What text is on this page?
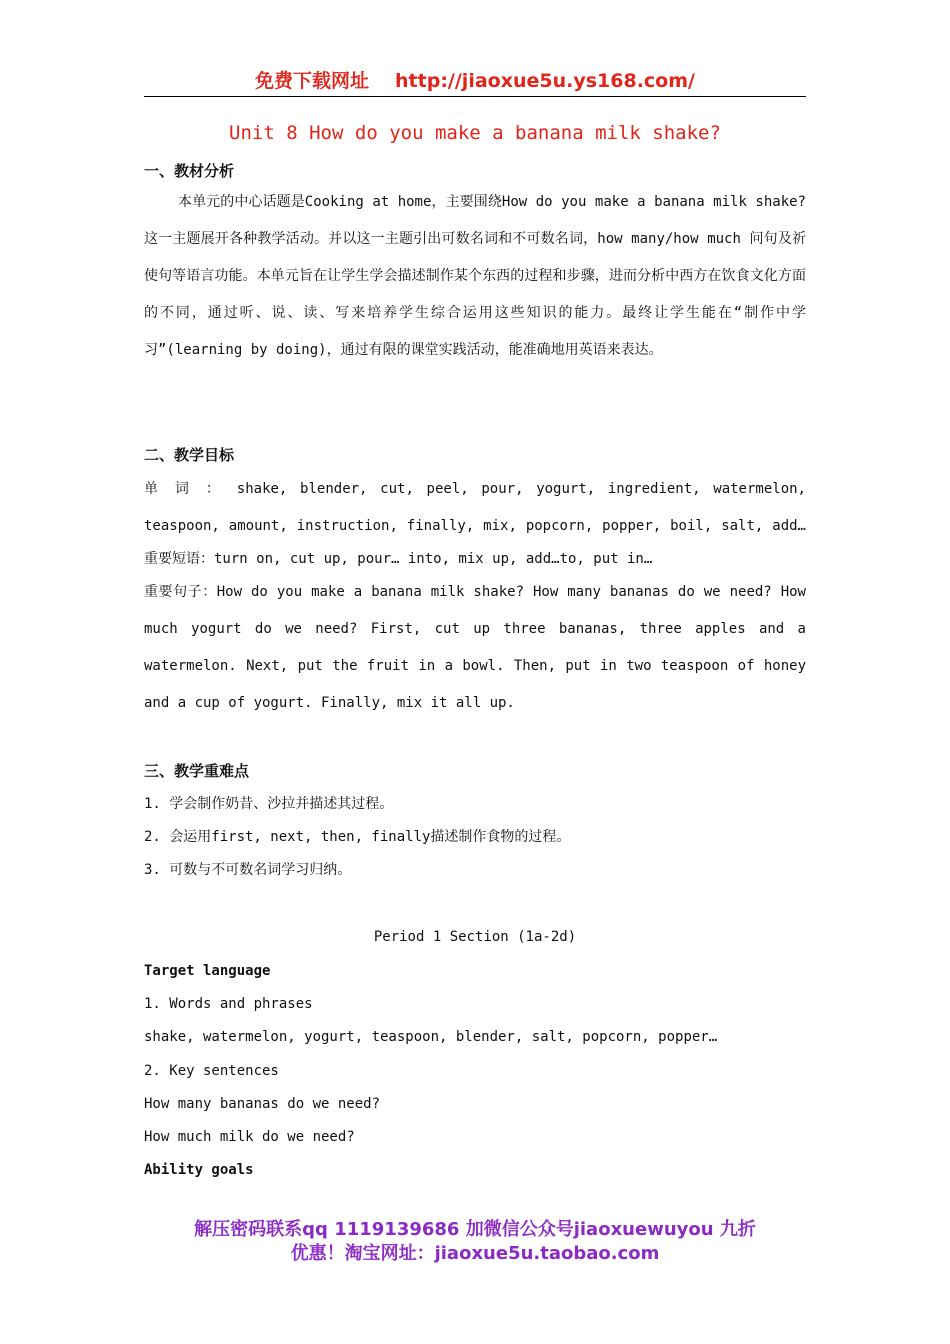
免费下载网址 http://jiaoxue5u.ys168.com/
Unit 8 How do you make a banana milk shake?
一、教材分析
本单元的中心话题是Cooking at home，主要围绕How do you make a banana milk shake?这一主题展开各种教学活动。并以这一主题引出可数名词和不可数名词，how many/how much 问句及祈使句等语言功能。本单元旨在让学生学会描述制作某个东西的过程和步骤，进而分析中西方在饮食文化方面的不同，通过听、说、读、写来培养学生综合运用这些知识的能力。最终让学生能在“制作中学习”(learning by doing)，通过有限的课堂实践活动，能准确地用英语来表达。
二、教学目标
单 词 ： shake, blender, cut, peel, pour, yogurt, ingredient, watermelon,
teaspoon, amount, instruction, finally, mix, popcorn, popper, boil, salt, add…
重要短语：turn on, cut up, pour… into, mix up, add…to, put in…
重要句子：How do you make a banana milk shake? How many bananas do we need? How much yogurt do we need? First, cut up three bananas, three apples and a watermelon. Next, put the fruit in a bowl. Then, put in two teaspoon of honey and a cup of yogurt. Finally, mix it all up.
三、教学重难点
1. 学会制作奶昔、沙拉并描述其过程。
2. 会运用first, next, then, finally描述制作食物的过程。
3. 可数与不可数名词学习归纳。
Period 1 Section (1a-2d)
Target language
1. Words and phrases
shake, watermelon, yogurt, teaspoon, blender, salt, popcorn, popper…
2. Key sentences
How many bananas do we need?
How much milk do we need?
Ability goals
解压密码联系qq 1119139686 加微信公众号jiaoxuewuyou 九折
优惠！淘宝网址：jiaoxue5u.taobao.com
